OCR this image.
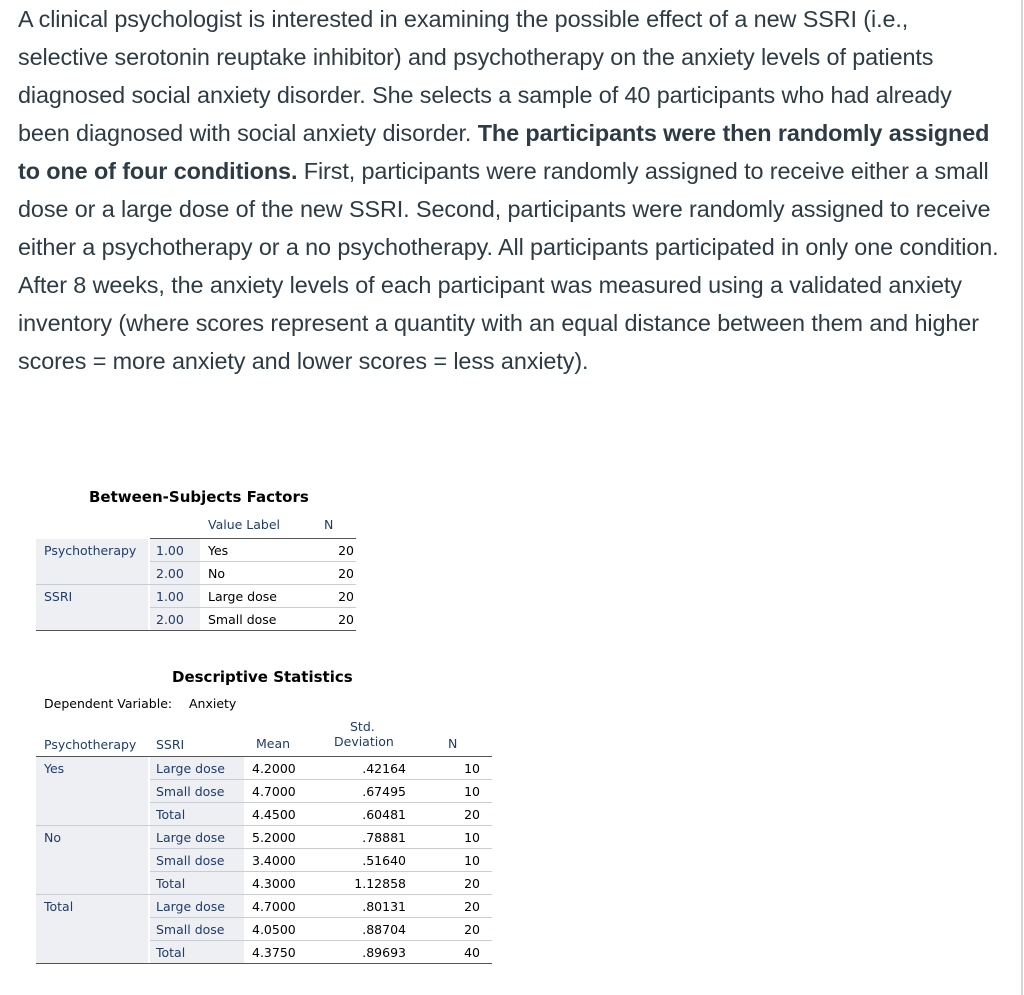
A clinical psychologist is interested in examining the possible effect of a new SSRI (i.e., selective serotonin reuptake inhibitor) and psychotherapy on the anxiety levels of patients diagnosed social anxiety disorder. She selects a sample of 40 participants who had already been diagnosed with social anxiety disorder. The participants were then randomly assigned to one of four conditions. First, participants were randomly assigned to receive either a small dose or a large dose of the new SSRI. Second, participants were randomly assigned to receive either a psychotherapy or a no psychotherapy. All participants participated in only one condition. After 8 weeks, the anxiety levels of each participant was measured using a validated anxiety inventory (where scores represent a quantity with an equal distance between them and higher scores = more anxiety and lower scores = less anxiety).

Between-Subjects Factors
Value Label	N
Psychotherapy 1.00 Yes	20
2.00 No	20
SSRI	1.00 Large dose	20
2.00 Small dose	20
Descriptive Statistics
Dependent Variable: Anxiety
Psychotherapy SSRI	Mean
Std.
Deviation	N
Yes	Large dose 4.2000	.42164	10
Small dose 4.7000	.67495	10
Total	4.4500	.60481	20
No	Large dose 5.2000	.78881	10
Small dose 3.4000	.51640	10
Total	4.3000	1.12858	20
Total	Large dose 4.7000	.80131	20
Small dose 4.0500	.88704	20
Total	4.3750	.89693	40
